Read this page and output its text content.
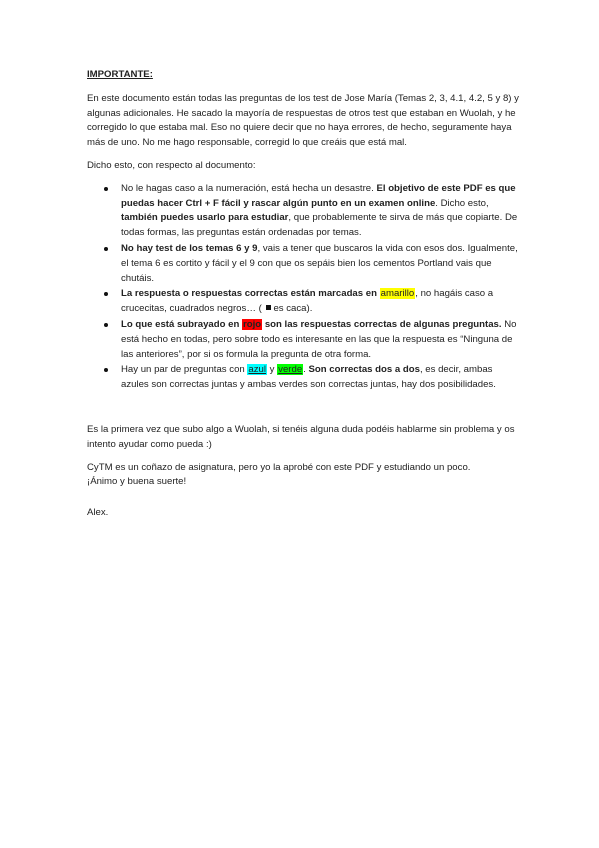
IMPORTANTE:

En este documento están todas las preguntas de los test de Jose María (Temas 2, 3, 4.1, 4.2, 5 y 8) y algunas adicionales. He sacado la mayoría de respuestas de otros test que estaban en Wuolah, y he corregido lo que estaba mal. Eso no quiere decir que no haya errores, de hecho, seguramente haya más de uno. No me hago responsable, corregid lo que creáis que está mal.

Dicho esto, con respecto al documento:

No le hagas caso a la numeración, está hecha un desastre. El objetivo de este PDF es que puedas hacer Ctrl + F fácil y rascar algún punto en un examen online. Dicho esto, también puedes usarlo para estudiar, que probablemente te sirva de más que copiarte. De todas formas, las preguntas están ordenadas por temas.
No hay test de los temas 6 y 9, vais a tener que buscaros la vida con esos dos. Igualmente, el tema 6 es cortito y fácil y el 9 con que os sepáis bien los cementos Portland vais que chutáis.
La respuesta o respuestas correctas están marcadas en amarillo, no hagáis caso a crucecitas, cuadrados negros… ( es caca).
Lo que está subrayado en rojo son las respuestas correctas de algunas preguntas. No está hecho en todas, pero sobre todo es interesante en las que la respuesta es “Ninguna de las anteriores”, por si os formula la pregunta de otra forma.
Hay un par de preguntas con azul y verde. Son correctas dos a dos, es decir, ambas azules son correctas juntas y ambas verdes son correctas juntas, hay dos posibilidades.

Es la primera vez que subo algo a Wuolah, si tenéis alguna duda podéis hablarme sin problema y os intento ayudar como pueda :)

CyTM es un coñazo de asignatura, pero yo la aprobé con este PDF y estudiando un poco.

¡Ánimo y buena suerte!

Alex.
